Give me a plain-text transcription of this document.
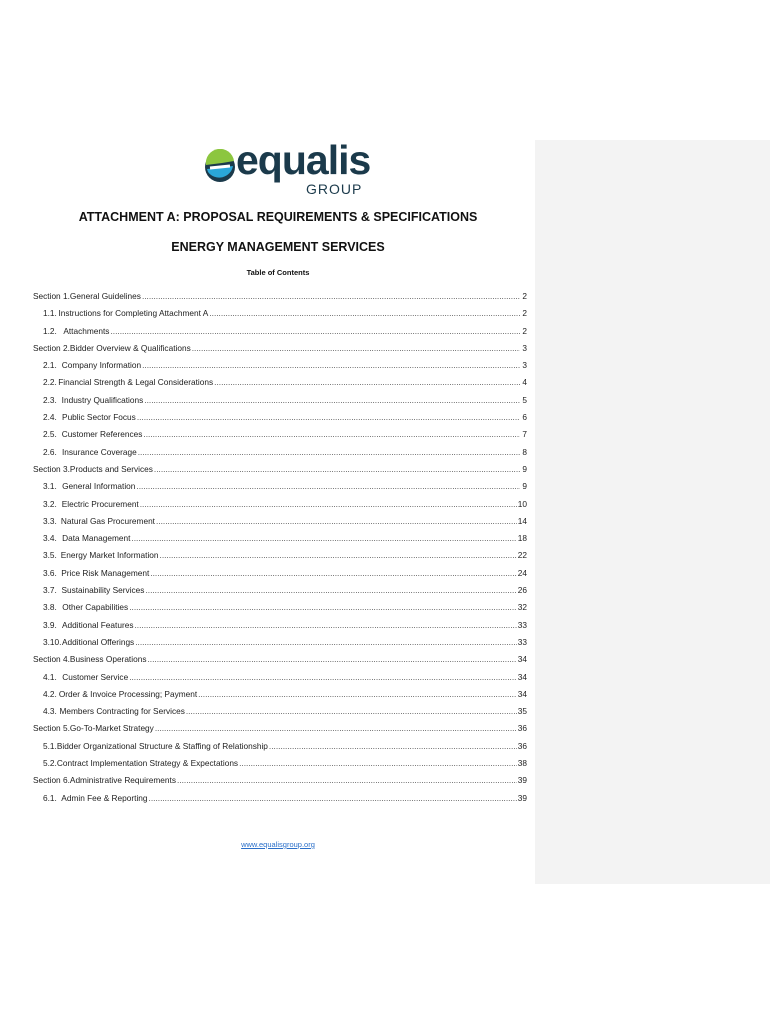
equalis
GROUP
ATTACHMENT A: PROPOSAL REQUIREMENTS & SPECIFICATIONS
ENERGY MANAGEMENT SERVICES
Table of Contents
Section 1. General Guidelines .....	2
1.1. Instructions for Completing Attachment A .....	2
1.2. Attachments .....	2
Section 2. Bidder Overview & Qualifications .....	3
2.1. Company Information .....	3
2.2. Financial Strength & Legal Considerations .....	4
2.3. Industry Qualifications .....	5
2.4. Public Sector Focus .....	6
2.5. Customer References .....	7
2.6. Insurance Coverage .....	8
Section 3. Products and Services .....	9
3.1. General Information .....	9
3.2. Electric Procurement .....	10
3.3. Natural Gas Procurement .....	14
3.4. Data Management .....	18
3.5. Energy Market Information .....	22
3.6. Price Risk Management .....	24
3.7. Sustainability Services .....	26
3.8. Other Capabilities .....	32
3.9. Additional Features .....	33
3.10. Additional Offerings .....	33
Section 4. Business Operations .....	34
4.1. Customer Service .....	34
4.2. Order & Invoice Processing; Payment .....	34
4.3. Members Contracting for Services .....	35
Section 5. Go-To-Market Strategy .....	36
5.1. Bidder Organizational Structure & Staffing of Relationship .....	36
5.2. Contract Implementation Strategy & Expectations .....	38
Section 6. Administrative Requirements .....	39
6.1. Admin Fee & Reporting .....	39
www.equalisgroup.org
